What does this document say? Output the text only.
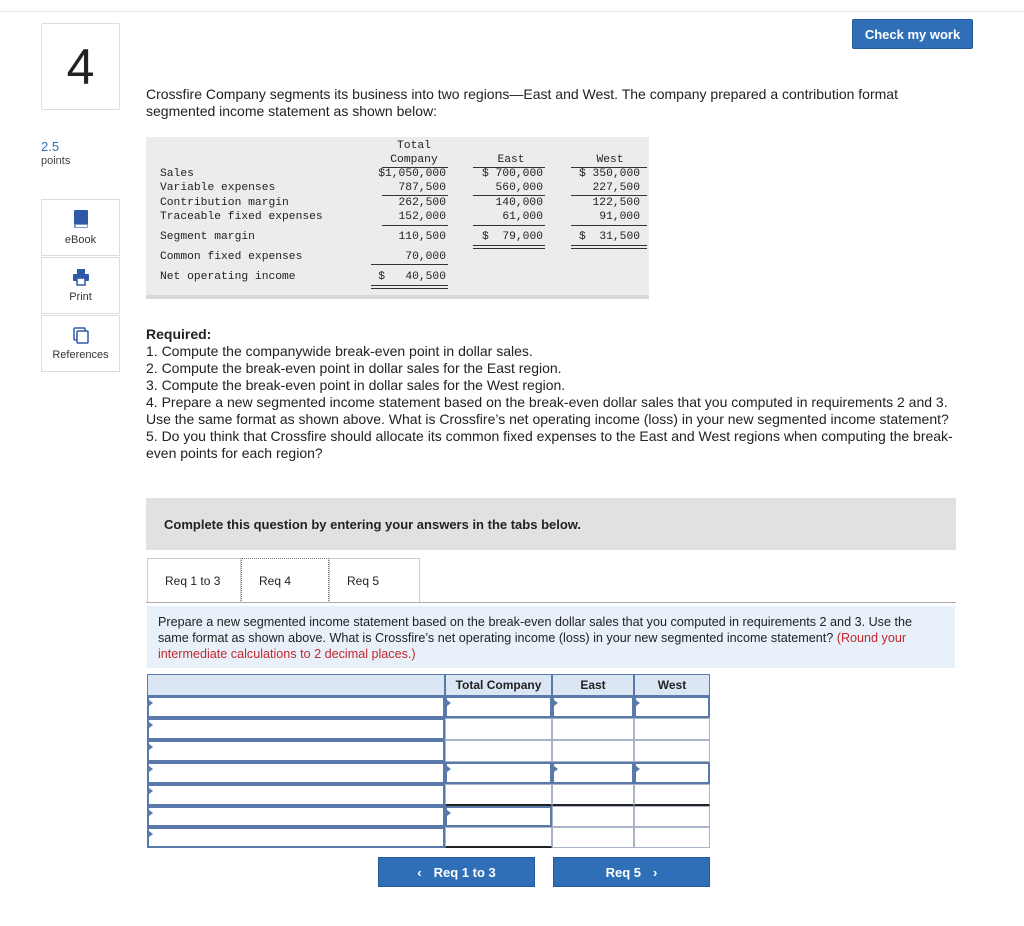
Check my work
4
2.5
points
eBook
Print
References
Crossfire Company segments its business into two regions—East and West. The company prepared a contribution format segmented income statement as shown below:
Total
Company	East	West
Sales	$1,050,000	$ 700,000	$ 350,000
Variable expenses	787,500	560,000	227,500
Contribution margin	262,500	140,000	122,500
Traceable fixed expenses	152,000	61,000	91,000
Segment margin	110,500	$  79,000	$  31,500
Common fixed expenses	70,000
Net operating income	$   40,500
Required:
1. Compute the companywide break-even point in dollar sales.
2. Compute the break-even point in dollar sales for the East region.
3. Compute the break-even point in dollar sales for the West region.
4. Prepare a new segmented income statement based on the break-even dollar sales that you computed in requirements 2 and 3. Use the same format as shown above. What is Crossfire’s net operating income (loss) in your new segmented income statement?
5. Do you think that Crossfire should allocate its common fixed expenses to the East and West regions when computing the break-even points for each region?
Complete this question by entering your answers in the tabs below.
Req 1 to 3	Req 4	Req 5
Prepare a new segmented income statement based on the break-even dollar sales that you computed in requirements 2 and 3. Use the same format as shown above. What is Crossfire’s net operating income (loss) in your new segmented income statement? (Round your intermediate calculations to 2 decimal places.)
Total Company	East	West
‹ Req 1 to 3	Req 5 ›
